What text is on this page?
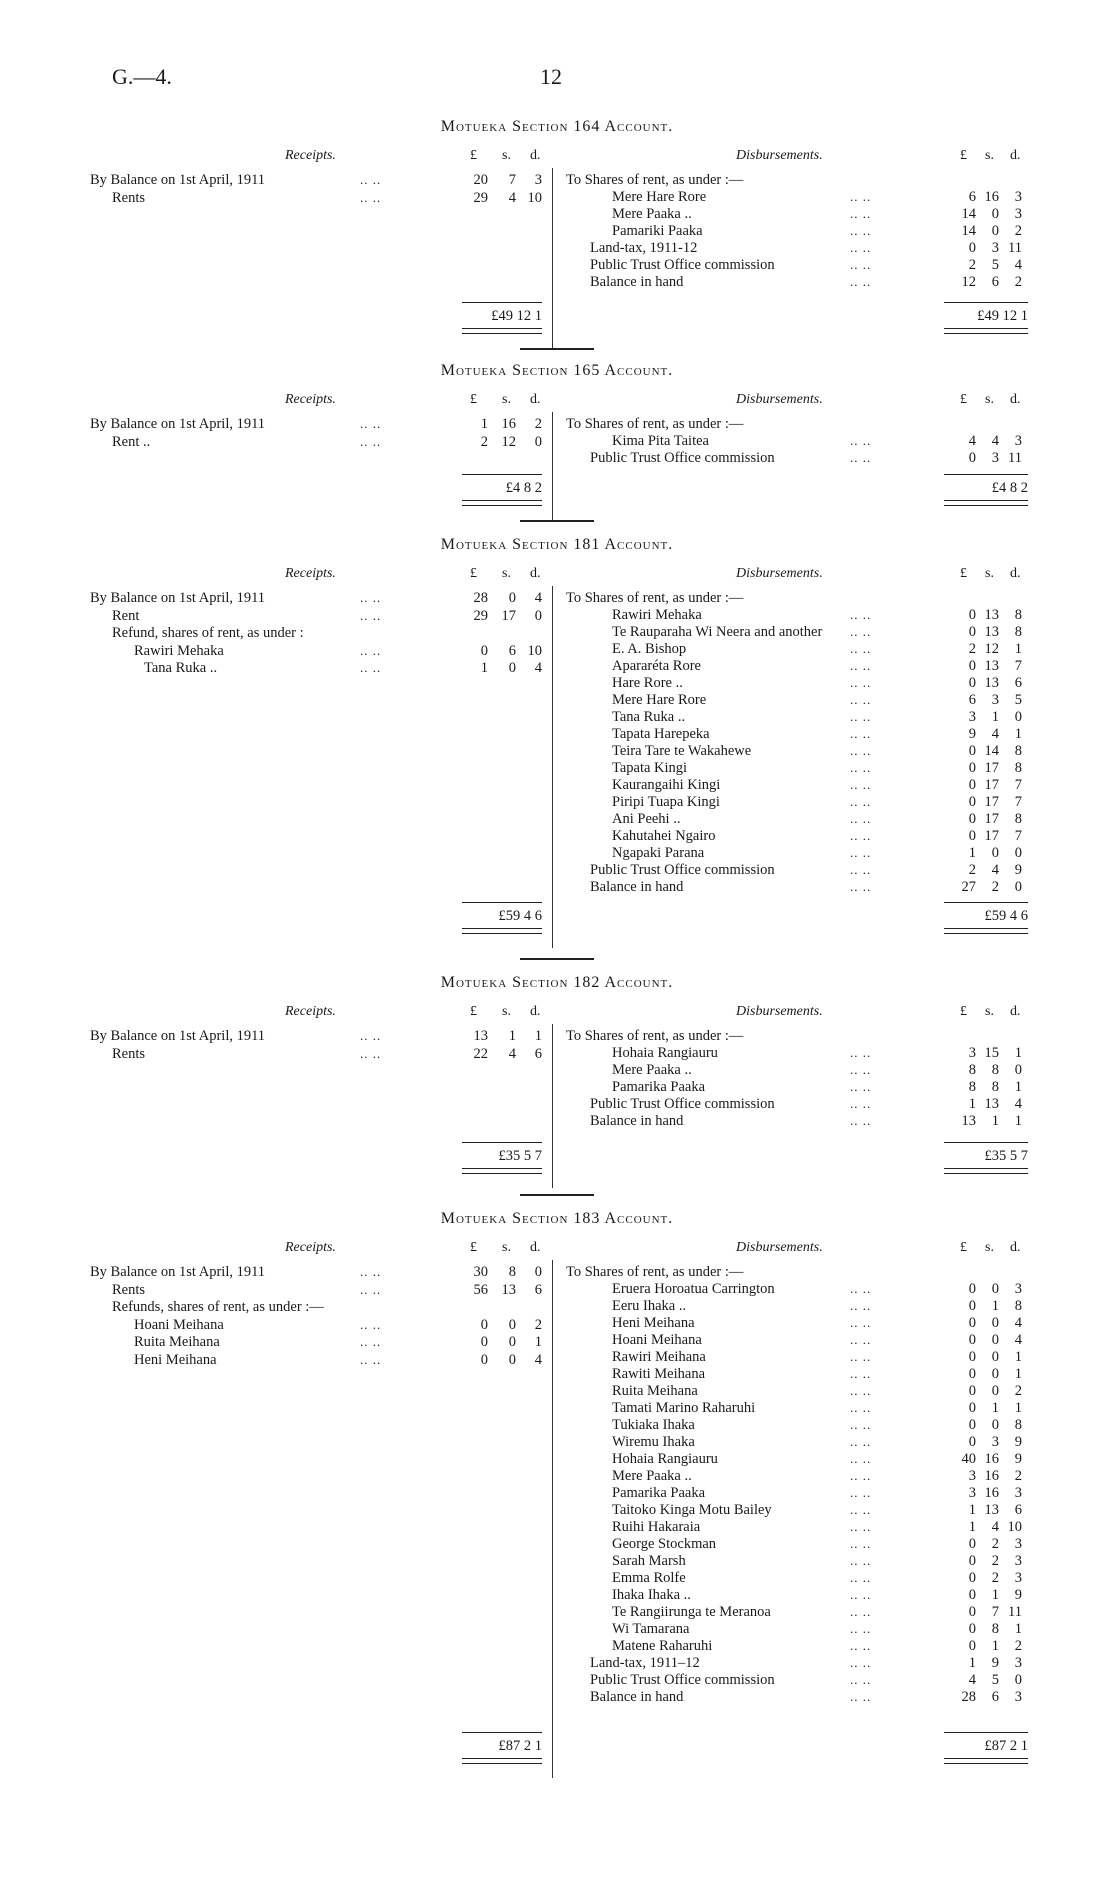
G.—4.	12
Motueka Section 164 Account.
Receipts.	Disbursements.
£ s. d.	£ s. d.
By Balance on 1st April, 1911	.. ..	20	7	3
Rents	.. ..	29	4 10
To Shares of rent, as under :—
Mere Hare Rore	.. ..	6 16	3
Mere Paaka ..	.. ..	14	0	3
Pamariki Paaka	.. ..	14	0	2
Land-tax, 1911-12	.. ..	0	3 11
Public Trust Office commission	.. ..	2	5	4
Balance in hand	.. ..	12	6	2
£49 12 1	£49 12 1
Motueka Section 165 Account.
Receipts.	Disbursements.
£ s. d.	£ s. d.
By Balance on 1st April, 1911	.. ..	1 16	2
Rent ..	.. ..	2 12	0
To Shares of rent, as under :—
Kima Pita Taitea	.. ..	4	4	3
Public Trust Office commission	.. ..	0	3 11
£4 8 2	£4 8 2
Motueka Section 181 Account.
Receipts.	Disbursements.
£ s. d.	£ s. d.
By Balance on 1st April, 1911	.. ..	28	0	4
Rent	.. ..	29 17	0
Refund, shares of rent, as under :
Rawiri Mehaka	.. ..	0	6 10
Tana Ruka ..	.. ..	1	0	4
To Shares of rent, as under :—
Rawiri Mehaka	.. ..	0 13	8
Te Rauparaha Wi Neera and another .. ..	0 13	8
E. A. Bishop	.. ..	2 12	1
Apararéta Rore	.. ..	0 13	7
Hare Rore ..	.. ..	0 13	6
Mere Hare Rore	.. ..	6	3	5
Tana Ruka ..	.. ..	3	1	0
Tapata Harepeka	.. ..	9	4	1
Teira Tare te Wakahewe	.. ..	0 14	8
Tapata Kingi	.. ..	0 17	8
Kaurangaihi Kingi	.. ..	0 17	7
Piripi Tuapa Kingi	.. ..	0 17	7
Ani Peehi ..	.. ..	0 17	8
Kahutahei Ngairo	.. ..	0 17	7
Ngapaki Parana	.. ..	1	0	0
Public Trust Office commission	.. ..	2	4	9
Balance in hand	.. ..	27	2	0
£59 4 6	£59 4 6
Motueka Section 182 Account.
Receipts.	Disbursements.
£ s. d.	£ s. d.
By Balance on 1st April, 1911	.. ..	13	1	1
Rents	.. ..	22	4	6
To Shares of rent, as under :—
Hohaia Rangiauru	.. ..	3 15	1
Mere Paaka ..	.. ..	8	8	0
Pamarika Paaka	.. ..	8	8	1
Public Trust Office commission	.. ..	1 13	4
Balance in hand	.. ..	13	1	1
£35 5 7	£35 5 7
Motueka Section 183 Account.
Receipts.	Disbursements.
£ s. d.	£ s. d.
By Balance on 1st April, 1911	.. ..	30	8	0
Rents	.. ..	56 13	6
Refunds, shares of rent, as under :—
Hoani Meihana	.. ..	0	0	2
Ruita Meihana	.. ..	0	0	1
Heni Meihana	.. ..	0	0	4
To Shares of rent, as under :—
Eruera Horoatua Carrington	.. ..	0	0	3
Eeru Ihaka ..	.. ..	0	1	8
Heni Meihana	.. ..	0	0	4
Hoani Meihana	.. ..	0	0	4
Rawiri Meihana	.. ..	0	0	1
Rawiti Meihana	.. ..	0	0	1
Ruita Meihana	.. ..	0	0	2
Tamati Marino Raharuhi	.. ..	0	1	1
Tukiaka Ihaka	.. ..	0	0	8
Wiremu Ihaka	.. ..	0	3	9
Hohaia Rangiauru	.. ..	40 16	9
Mere Paaka ..	.. ..	3 16	2
Pamarika Paaka	.. ..	3 16	3
Taitoko Kinga Motu Bailey	.. ..	1 13	6
Ruihi Hakaraia	.. ..	1	4 10
George Stockman	.. ..	0	2	3
Sarah Marsh	.. ..	0	2	3
Emma Rolfe	.. ..	0	2	3
Ihaka Ihaka ..	.. ..	0	1	9
Te Rangiirunga te Meranoa	.. ..	0	7 11
Wi Tamarana	.. ..	0	8	1
Matene Raharuhi	.. ..	0	1	2
Land-tax, 1911–12	.. ..	1	9	3
Public Trust Office commission	.. ..	4	5	0
Balance in hand	.. ..	28	6	3
£87 2 1	£87 2 1
